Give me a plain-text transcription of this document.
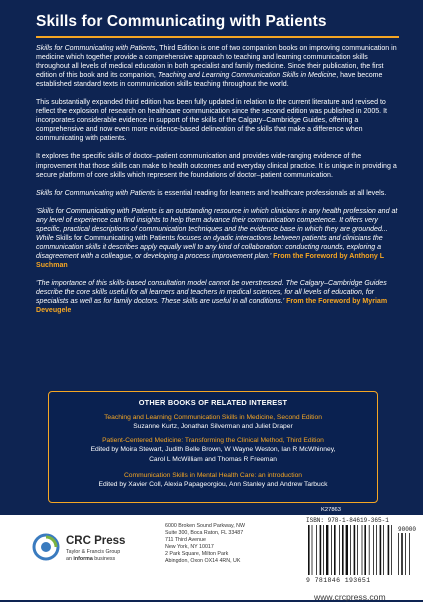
Skills for Communicating with Patients

Skills for Communicating with Patients, Third Edition is one of two companion books on improving communication in medicine which together provide a comprehensive approach to teaching and learning communication skills throughout all levels of medical education in both specialist and family medicine. Since their publication, the first edition of this book and its companion, Teaching and Learning Communication Skills in Medicine, have become established standard texts in communication skills teaching throughout the world.

This substantially expanded third edition has been fully updated in relation to the current literature and revised to reflect the explosion of research on healthcare communication since the second edition was published in 2005. It incorporates considerable evidence in support of the skills of the Calgary–Cambridge Guides, offering a comprehensive and now even more evidence-based delineation of the skills that make a difference when communicating with patients.

It explores the specific skills of doctor–patient communication and provides wide-ranging evidence of the improvement that those skills can make to health outcomes and everyday clinical practice. It is unique in providing a secure platform of core skills which represent the foundations of doctor–patient communication.

Skills for Communicating with Patients is essential reading for learners and healthcare professionals at all levels.

'Skills for Communicating with Patients is an outstanding resource in which clinicians in any health profession and at any level of experience can find insights to help them advance their communication competence. It offers very specific, practical descriptions of communication techniques and the evidence base in which they are grounded... While Skills for Communicating with Patients focuses on dyadic interactions between patients and clinicians the communication skills it describes apply equally well to any kind of collaboration: conducting rounds, exploring a disagreement with a colleague, or developing a process improvement plan.' From the Foreword by Anthony L Suchman

'The importance of this skills-based consultation model cannot be overstressed. The Calgary–Cambridge Guides describe the core skills useful for all learners and teachers in medical sciences, for all levels of education, for specialists as well as for family doctors. These skills are useful in all conditions.' From the Foreword by Myriam Deveugele

OTHER BOOKS OF RELATED INTEREST
Teaching and Learning Communication Skills in Medicine, Second Edition
Suzanne Kurtz, Jonathan Silverman and Juliet Draper
Patient-Centered Medicine: Transforming the Clinical Method, Third Edition
Edited by Moira Stewart, Judith Belle Brown, W Wayne Weston, Ian R McWhinney,
Carol L McWilliam and Thomas R Freeman
Communication Skills in Mental Health Care: an introduction
Edited by Xavier Coll, Alexia Papageorgiou, Ann Stanley and Andrew Tarbuck
CRC Press
Taylor & Francis Group
an informa business
6000 Broken Sound Parkway, NW
Suite 300, Boca Raton, FL 33487
711 Third Avenue
New York, NY 10017
2 Park Square, Milton Park
Abingdon, Oxon OX14 4RN, UK
K27863
ISBN: 978-1-84619-365-1
90000
9 781846 193651
www.crcpress.com
